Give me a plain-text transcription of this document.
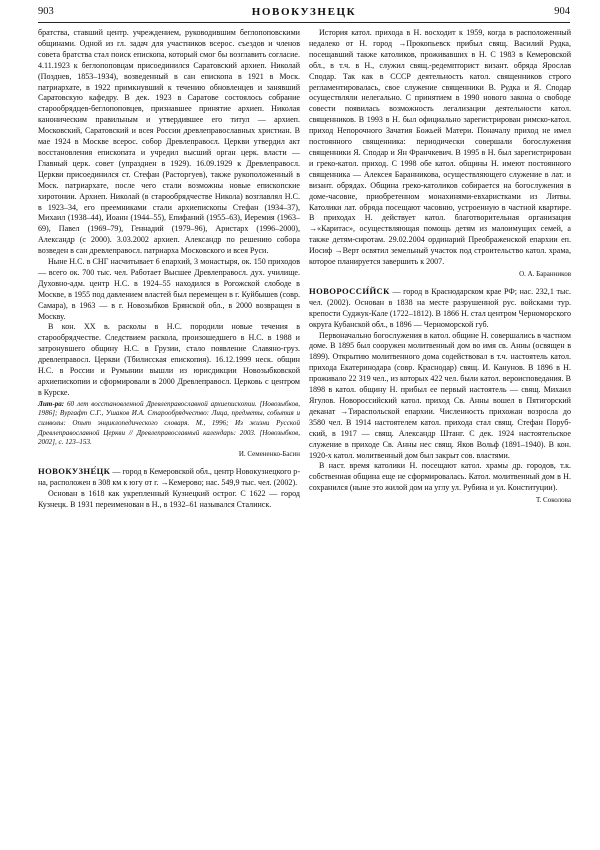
903	НОВОКУЗНЕЦК	904

братства, ставший центр. учреждением, руководившим беглопоповскими общинами. Одной из гл. задач для участников всерос. съездов и членов совета братства стал поиск епископа, который смог бы возглавить согласие. 4.11.1923 к беглопоповцам присоединился Саратовский архиеп. Николай (Позднев, 1853–1934), возведенный в сан епископа в 1921 в Моск. патриархате, в 1922 примкнувший к течению обновленцев и занявший Саратовскую кафедру. В дек. 1923 в Саратове состоялось собрание старообрядцев-беглопоповцев, признавшее принятие архиеп. Николая каноническим правильным и утвердившее его титул — архиеп. Московский, Саратовский и всея России древлеправославных христиан. В мае 1924 в Москве всерос. собор Древлеправосл. Церкви утвердил акт восстановления епископата и учредил высший орган церк. власти — Главный церк. совет (упразднен в 1929). 16.09.1929 к Древлеправосл. Церкви присоединился ст. Стефан (Расторгуев), также рукоположенный в Моск. патриархате, после чего стали возможны новые епископские хиротонии. Архиеп. Николай (в старообрядчестве Николa) возглавлял Н.С. в 1923–34, его преемниками стали архиепископы Стефан (1934–37), Михаил (1938–44), Иоанн (1944–55), Епифаний (1955–63), Иеремия (1963–69), Павел (1969–79), Геннадий (1979–96), Аристарх (1996–2000), Александр (с 2000). 3.03.2002 архиеп. Александр по решению собора возведен в сан древлеправосл. патриарха Московского и всея Руси.

Ныне Н.С. в СНГ насчитывает 6 епархий, 3 монастыря, ок. 150 приходов — всего ок. 700 тыс. чел. Работает Высшее Древлеправосл. дух. училище. Духовно-адм. центр Н.С. в 1924–55 находился в Рогожской слободе в Москве, в 1955 под давлением властей был перемещен в г. Куйбышев (совр. Самара), в 1963 — в г. Новозыбков Брянской обл., в 2000 возвращен в Москву.

В кон. XX в. расколы в Н.С. породили новые течения в старообрядчестве. Следствием раскола, произошедшего в Н.С. в 1988 и затронувшего общину Н.С. в Грузии, стало появление Славяно-груз. древлеправосл. Церкви (Тбилисская епископия). 16.12.1999 неск. общин Н.С. в России и Румынии вышли из юрисдикции Новозыбковской архиепископии и сформировали в 2000 Древлеправосл. Церковь с центром в Курске.

Лит-ра: 60 лет восстановленной Древлеправославной архиепископии. [Новозыбков, 1986]; Вургафт С.Г., Ушаков И.А. Старообрядчество: Лица, предметы, события и символы: Опыт энциклопедического словаря. М., 1996; Из жизни Русской Древлеправославной Церкви // Древлеправославный календарь: 2003. [Новозыбков, 2002], с. 123–153.

И. Семененко-Басин

НОВОКУЗНЕ́ЦК — город в Кемеровской обл., центр Новокузнецкого р-на, расположен в 308 км к югу от г. →Кемерово; нас. 549,9 тыс. чел. (2002).

Основан в 1618 как укрепленный Кузнецкий острог. С 1622 — город Кузнецк. В 1931 переименован в Н., в 1932–61 назывался Сталинск.

История катол. прихода в Н. восходит к 1959, когда в расположенный недалеко от Н. город →Прокопьевск прибыл свящ. Василий Рудка, посещавший также католиков, проживавших в Н. С 1983 в Кемеровской обл., в т.ч. в Н., служил свящ.-редемпторист визант. обряда Ярослав Сподар. Так как в СССР деятельность катол. священников строго регламентировалась, свое служение священники В. Рудка и Я. Сподар осуществляли нелегально. С принятием в 1990 нового закона о свободе совести появилась возможность легализации деятельности катол. священников. В 1993 в Н. был официально зарегистрирован римско-катол. приход Непорочного Зачатия Божьей Матери. Поначалу приход не имел постоянного священника: периодически совершали богослужения священники Я. Сподар и Ян Франчкевич. В 1995 в Н. был зарегистрирован и греко-катол. приход. С 1998 обе катол. общины Н. имеют постоянного священника — Алексея Баранникова, осуществляющего служение в лат. и визант. обрядах. Община греко-католиков собирается на богослужения в доме-часовне, приобретенном монахинями-евхаристками из Литвы. Католики лат. обряда посещают часовню, устроенную в частной квартире. В приходах Н. действует катол. благотворительная организация →«Каритас», осуществляющая помощь детям из малоимущих семей, а также детям-сиротам. 29.02.2004 ординарий Преображенской епархии еп. Иосиф →Верт освятил земельный участок под строительство катол. храма, которое планируется завершить к 2007.

О. А. Баранников

НОВОРОССИ́ЙСК — город в Краснодарском крае РФ; нас. 232,1 тыс. чел. (2002). Основан в 1838 на месте разрушенной рус. войсками тур. крепости Суджук-Кале (1722–1812). В 1866 Н. стал центром Черноморского округа Кубанской обл., в 1896 — Черноморской губ.

Первоначально богослужения в катол. общине Н. совершались в частном доме. В 1895 был сооружен молитвенный дом во имя св. Анны (освящен в 1899). Открытию молитвенного дома содействовал в т.ч. настоятель катол. прихода Екатеринодара (совр. Краснодар) свящ. И. Канунов. В 1896 в Н. проживало 22 319 чел., из которых 422 чел. были катол. вероисповедания. В 1898 в катол. общину Н. прибыл ее первый настоятель — свящ. Михаил Ягулов. Новороссийский катол. приход Св. Анны вошел в Пятигорский деканат →Тираспольской епархии. Численность прихожан возросла до 3580 чел. В 1914 настоятелем катол. прихода стал свящ. Стефан Поруб-ский, в 1917 — свящ. Александр Штанг. С дек. 1924 настоятельское служение в приходе Св. Анны нес свящ. Яков Вольф (1891–1940). В кон. 1920-х катол. молитвенный дом был закрыт сов. властями.

В наст. время католики Н. посещают катол. храмы др. городов, т.к. собственная община еще не сформировалась. Катол. молитвенный дом в Н. сохранился (ныне это жилой дом на углу ул. Рубина и ул. Конституции).

Т. Соколова
